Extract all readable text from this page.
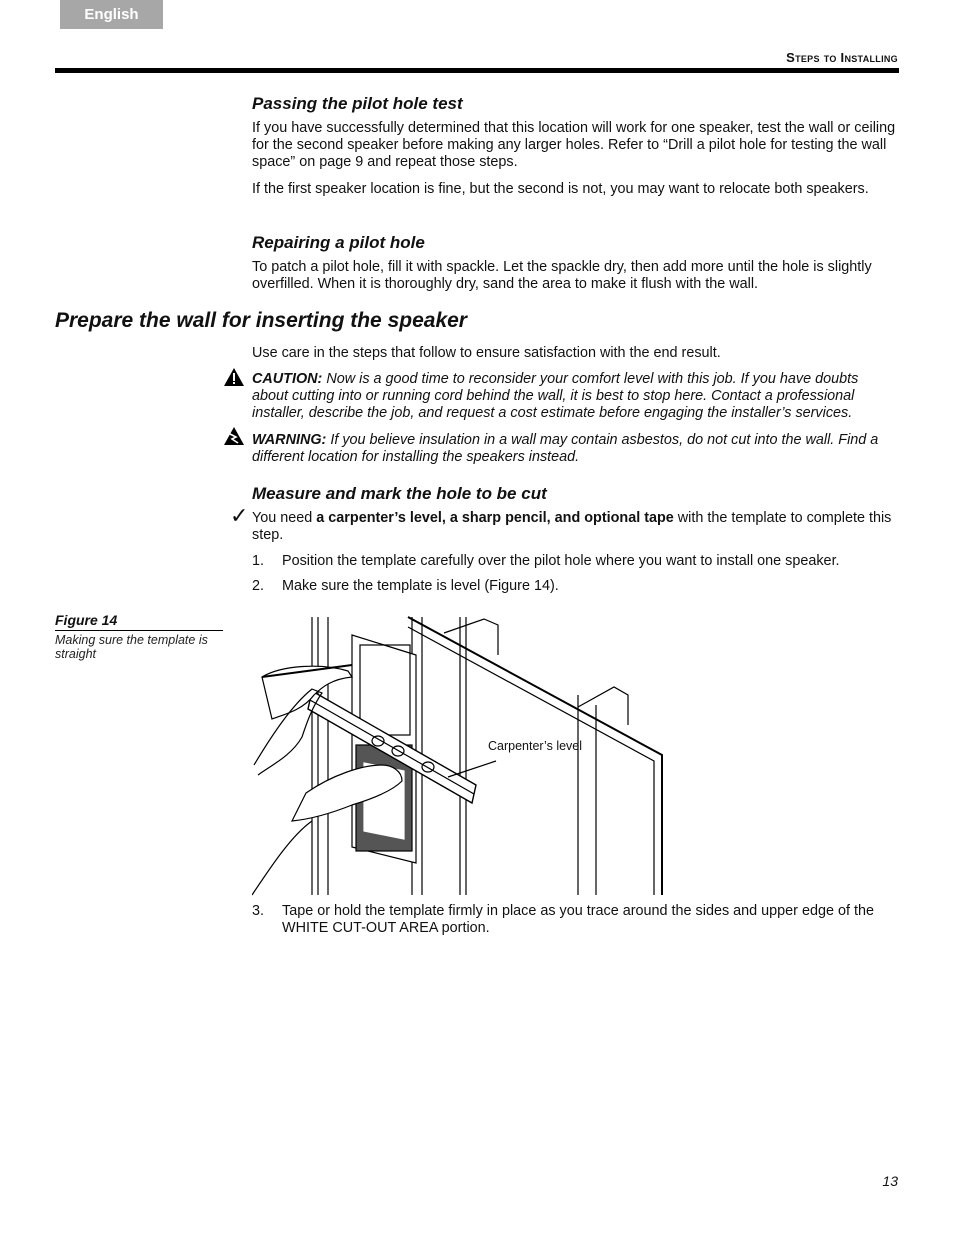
English
Steps to Installing
Passing the pilot hole test

If you have successfully determined that this location will work for one speaker, test the wall or ceiling for the second speaker before making any larger holes. Refer to “Drill a pilot hole for testing the wall space” on page 9 and repeat those steps.

If the first speaker location is fine, but the second is not, you may want to relocate both speakers.

Repairing a pilot hole

To patch a pilot hole, fill it with spackle. Let the spackle dry, then add more until the hole is slightly overfilled. When it is thoroughly dry, sand the area to make it flush with the wall.

Prepare the wall for inserting the speaker

Use care in the steps that follow to ensure satisfaction with the end result.

CAUTION: Now is a good time to reconsider your comfort level with this job. If you have doubts about cutting into or running cord behind the wall, it is best to stop here. Contact a professional installer, describe the job, and request a cost estimate before engaging the installer’s services.

WARNING: If you believe insulation in a wall may contain asbestos, do not cut into the wall. Find a different location for installing the speakers instead.

Measure and mark the hole to be cut
✓ You need a carpenter’s level, a sharp pencil, and optional tape with the template to complete this step.

1. Position the template carefully over the pilot hole where you want to install one speaker.
2. Make sure the template is level (Figure 14).
Figure 14
Making sure the template is straight
Carpenter’s level
3. Tape or hold the template firmly in place as you trace around the sides and upper edge of the WHITE CUT-OUT AREA portion.
13
